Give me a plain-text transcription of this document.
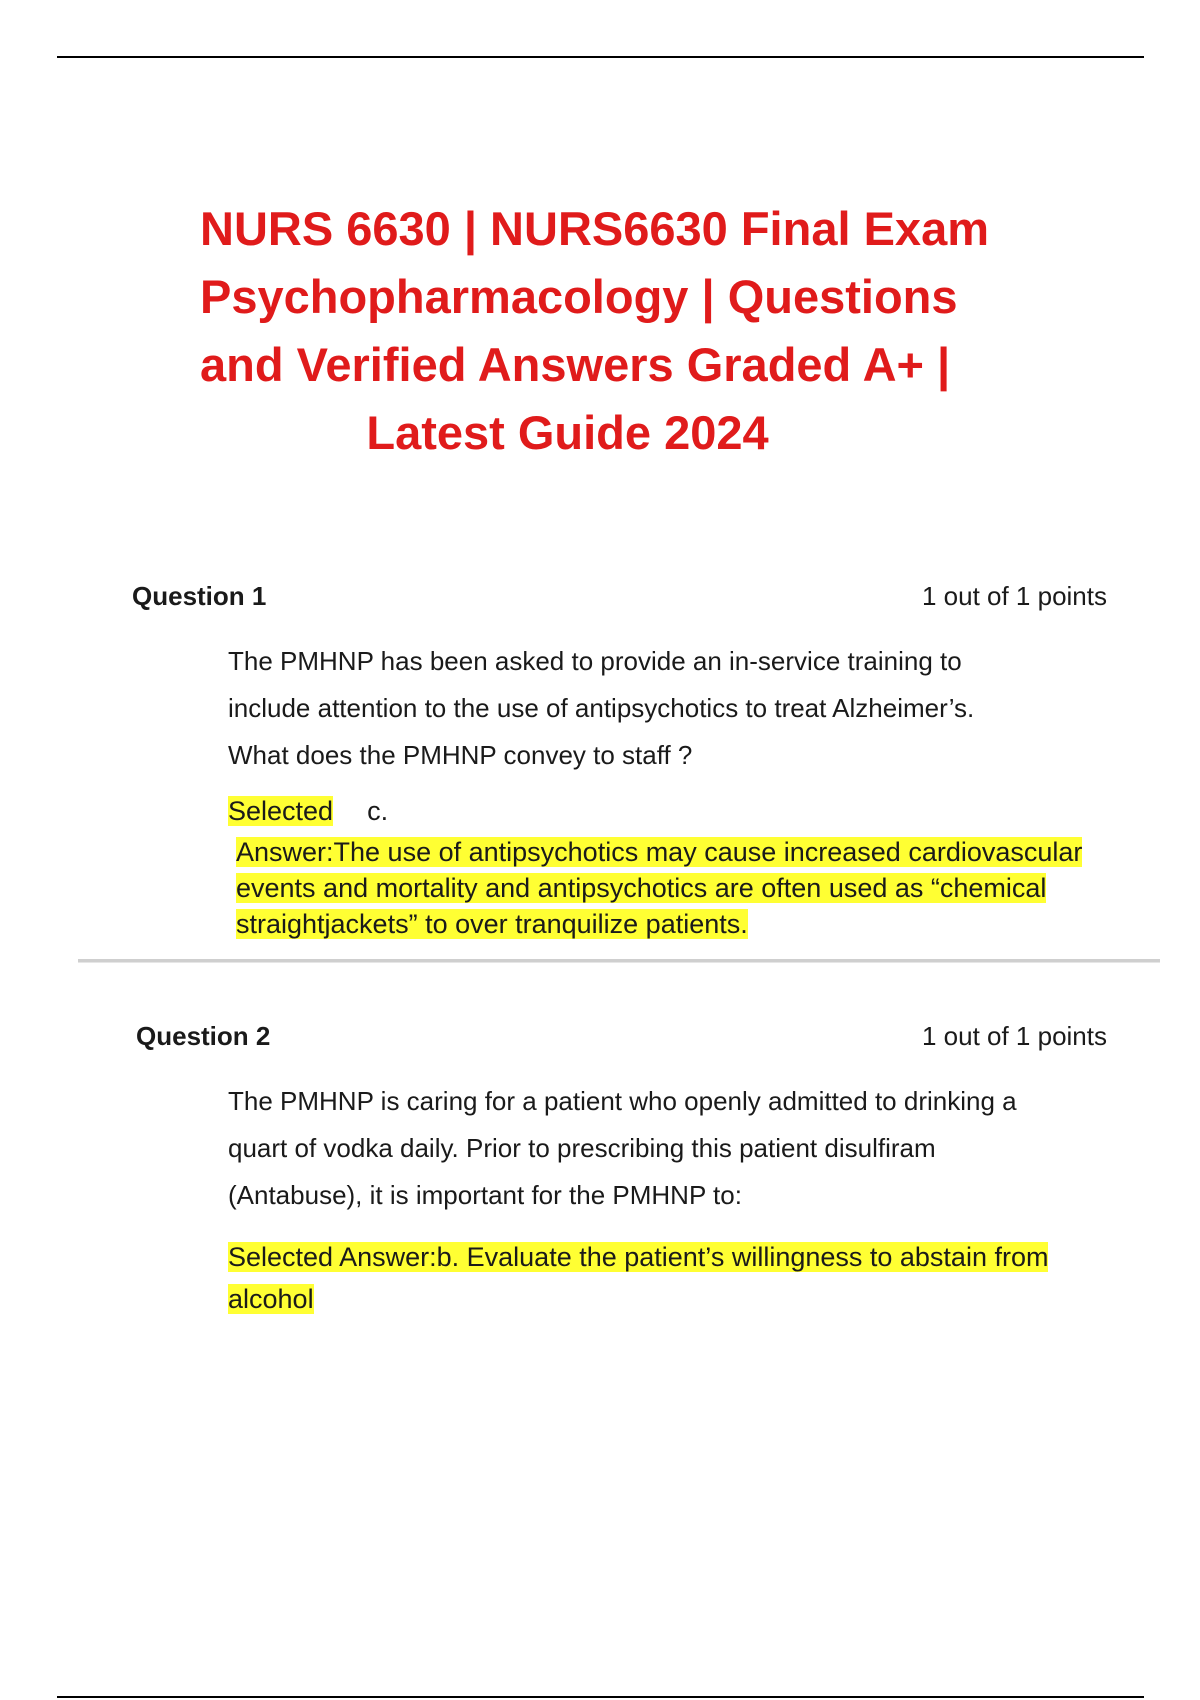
NURS 6630 | NURS6630 Final Exam
Psychopharmacology | Questions
and Verified Answers Graded A+ |
Latest Guide 2024
Question 1	1 out of 1 points

The PMHNP has been asked to provide an in-service training to
include attention to the use of antipsychotics to treat Alzheimer’s.
What does the PMHNP convey to staff ?

Selected c.
Answer:The use of antipsychotics may cause increased cardiovascular
events and mortality and antipsychotics are often used as “chemical
straightjackets” to over tranquilize patients.
Question 2	1 out of 1 points

The PMHNP is caring for a patient who openly admitted to drinking a
quart of vodka daily. Prior to prescribing this patient disulfiram
(Antabuse), it is important for the PMHNP to:

Selected Answer:b. Evaluate the patient’s willingness to abstain from
alcohol
